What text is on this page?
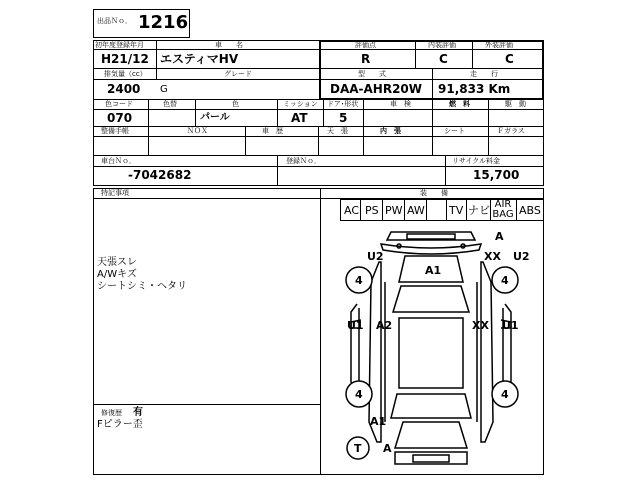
出品Ｎｏ． 1216
初年度登録年月	車　　名	評価点	内装評価	外装評価
H21/12 エスティマHV	R	C	C
排気量（cc）	グレード	型　　式	走　　行
2400 G	DAA-AHR20W 91,833 Km
色コード	色替	色	ミッション ドア･形状	車　検	燃　料	駆　動
070	パール	AT	5
整備手帳	ＮＯＸ	車　歴	天　張	内　張	シート	Ｆガラス
車台Ｎｏ．	登録Ｎｏ．	リサイクル料金
-7042682	15,700
特記事項
天張スレ
A/Wキズ
シートシミ・ヘタリ
修復歴 有
Fピラー歪
装　　備
AC PS PW AW TV ナビ AIR BAG ABS
4	4
4	4
T
A
U2
A1
XX U2
U1 A2	XX U1
A1
A
